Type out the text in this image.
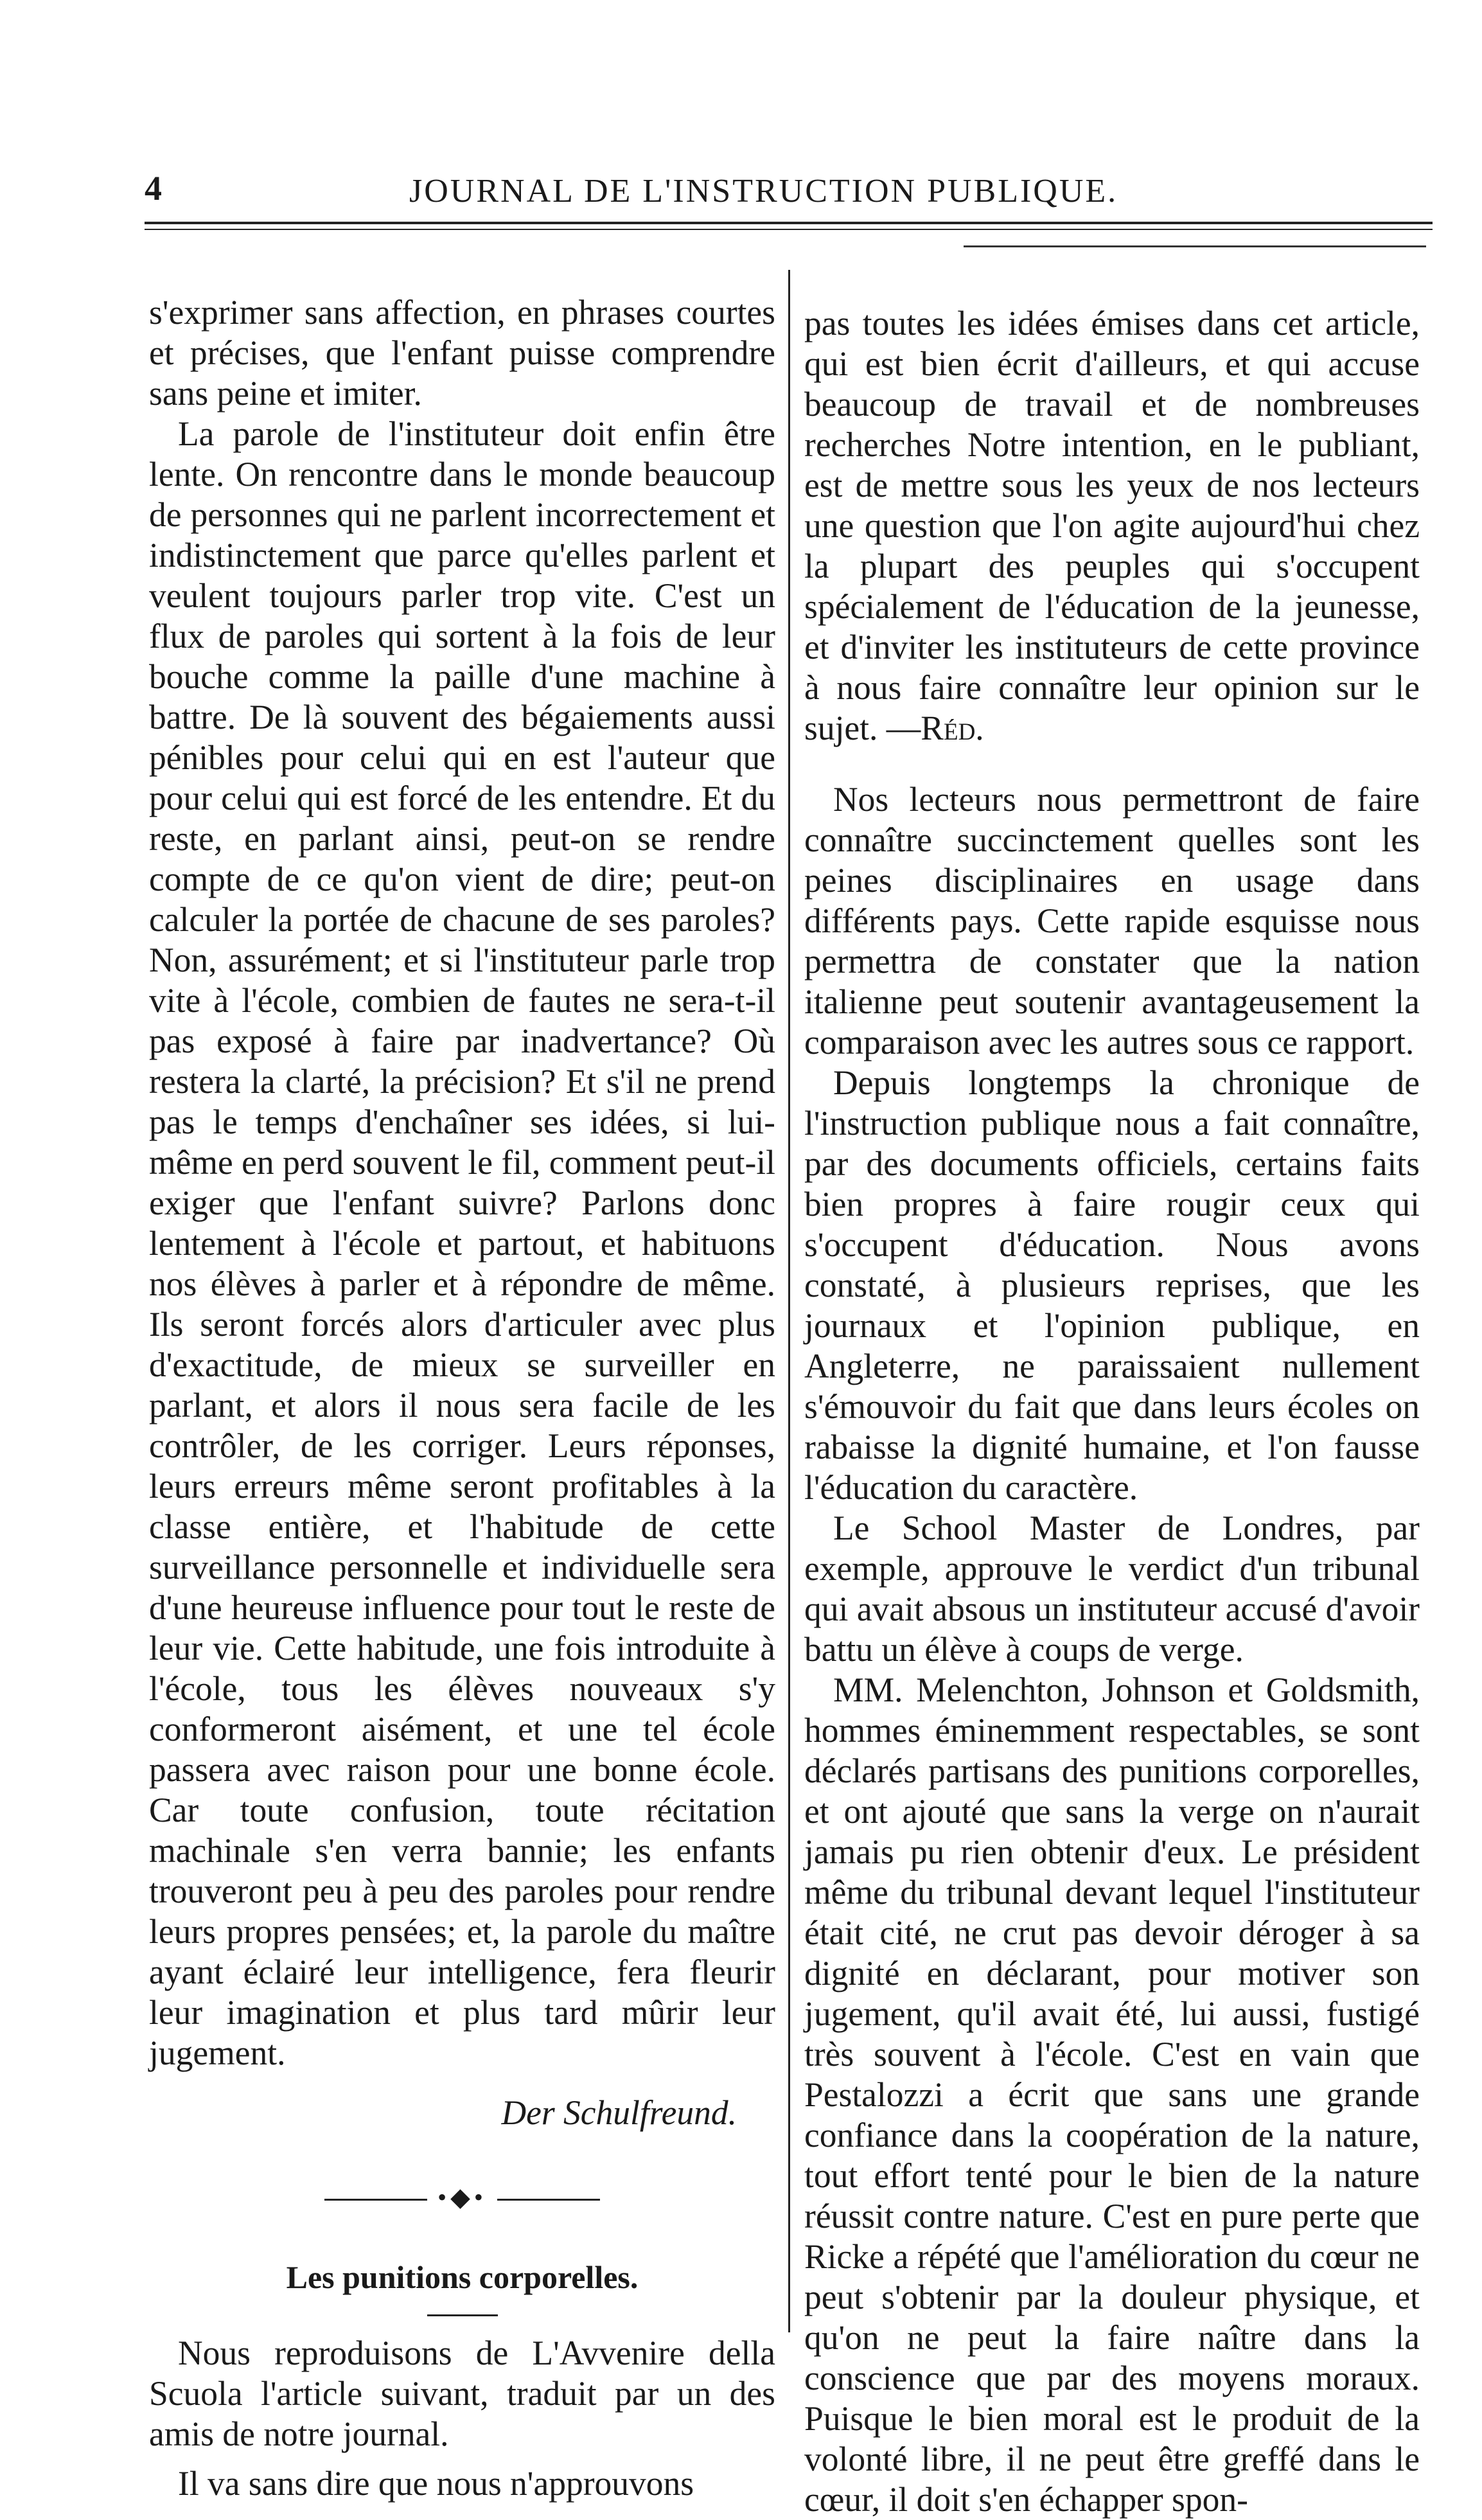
4	JOURNAL DE L'INSTRUCTION PUBLIQUE.

s'exprimer sans affection, en phrases courtes et précises, que l'enfant puisse comprendre sans peine et imiter.

La parole de l'instituteur doit enfin être lente. On rencontre dans le monde beaucoup de personnes qui ne parlent incorrectement et indistinctement que parce qu'elles parlent et veulent toujours parler trop vite. C'est un flux de paroles qui sortent à la fois de leur bouche comme la paille d'une machine à battre. De là souvent des bégaiements aussi pénibles pour celui qui en est l'auteur que pour celui qui est forcé de les entendre. Et du reste, en parlant ainsi, peut-on se rendre compte de ce qu'on vient de dire; peut-on calculer la portée de chacune de ses paroles? Non, assurément; et si l'instituteur parle trop vite à l'école, combien de fautes ne sera-t-il pas exposé à faire par inadvertance? Où restera la clarté, la précision? Et s'il ne prend pas le temps d'enchaîner ses idées, si lui-même en perd souvent le fil, comment peut-il exiger que l'enfant suivre? Parlons donc lentement à l'école et partout, et habituons nos élèves à parler et à répondre de même. Ils seront forcés alors d'articuler avec plus d'exactitude, de mieux se surveiller en parlant, et alors il nous sera facile de les contrôler, de les corriger. Leurs réponses, leurs erreurs même seront profitables à la classe entière, et l'habitude de cette surveillance personnelle et individuelle sera d'une heureuse influence pour tout le reste de leur vie. Cette habitude, une fois introduite à l'école, tous les élèves nouveaux s'y conformeront aisément, et une tel école passera avec raison pour une bonne école. Car toute confusion, toute récitation machinale s'en verra bannie; les enfants trouveront peu à peu des paroles pour rendre leurs propres pensées; et, la parole du maître ayant éclairé leur intelligence, fera fleurir leur imagination et plus tard mûrir leur jugement.

Der Schulfreund.

•◆•
Les punitions corporelles.

Nous reproduisons de L'Avvenire della Scuola l'article suivant, traduit par un des amis de notre journal.

Il va sans dire que nous n'approuvons

pas toutes les idées émises dans cet article, qui est bien écrit d'ailleurs, et qui accuse beaucoup de travail et de nombreuses recherches Notre intention, en le publiant, est de mettre sous les yeux de nos lecteurs une question que l'on agite aujourd'hui chez la plupart des peuples qui s'occupent spécialement de l'éducation de la jeunesse, et d'inviter les instituteurs de cette province à nous faire connaître leur opinion sur le sujet. —Réd.

Nos lecteurs nous permettront de faire connaître succinctement quelles sont les peines disciplinaires en usage dans différents pays. Cette rapide esquisse nous permettra de constater que la nation italienne peut soutenir avantageusement la comparaison avec les autres sous ce rapport.

Depuis longtemps la chronique de l'instruction publique nous a fait connaître, par des documents officiels, certains faits bien propres à faire rougir ceux qui s'occupent d'éducation. Nous avons constaté, à plusieurs reprises, que les journaux et l'opinion publique, en Angleterre, ne paraissaient nullement s'émouvoir du fait que dans leurs écoles on rabaisse la dignité humaine, et l'on fausse l'éducation du caractère.

Le School Master de Londres, par exemple, approuve le verdict d'un tribunal qui avait absous un instituteur accusé d'avoir battu un élève à coups de verge.

MM. Melenchton, Johnson et Goldsmith, hommes éminemment respectables, se sont déclarés partisans des punitions corporelles, et ont ajouté que sans la verge on n'aurait jamais pu rien obtenir d'eux. Le président même du tribunal devant lequel l'instituteur était cité, ne crut pas devoir déroger à sa dignité en déclarant, pour motiver son jugement, qu'il avait été, lui aussi, fustigé très souvent à l'école. C'est en vain que Pestalozzi a écrit que sans une grande confiance dans la coopération de la nature, tout effort tenté pour le bien de la nature réussit contre nature. C'est en pure perte que Ricke a répété que l'amélioration du cœur ne peut s'obtenir par la douleur physique, et qu'on ne peut la faire naître dans la conscience que par des moyens moraux. Puisque le bien moral est le produit de la volonté libre, il ne peut être greffé dans le cœur, il doit s'en échapper spon-
